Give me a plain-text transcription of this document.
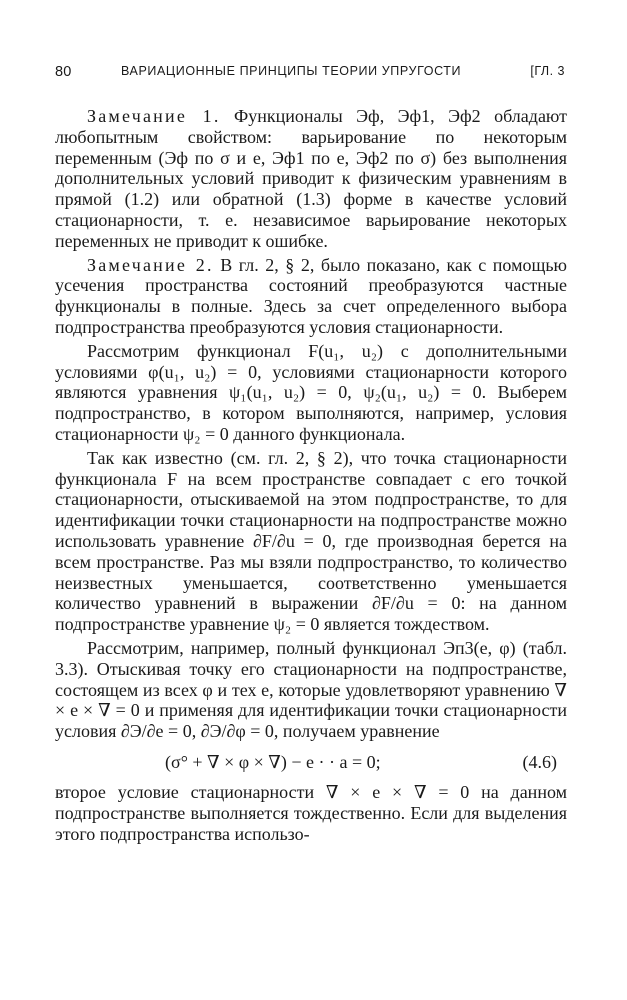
80	ВАРИАЦИОННЫЕ ПРИНЦИПЫ ТЕОРИИ УПРУГОСТИ	[ГЛ. 3

Замечание 1. Функционалы Эф, Эф1, Эф2 обладают любопытным свойством: варьирование по некоторым переменным (Эф по σ и e, Эф1 по e, Эф2 по σ) без выполнения дополнительных условий приводит к физическим уравнениям в прямой (1.2) или обратной (1.3) форме в качестве условий стационарности, т. е. независимое варьирование некоторых переменных не приводит к ошибке.

Замечание 2. В гл. 2, § 2, было показано, как с помощью усечения пространства состояний преобразуются частные функционалы в полные. Здесь за счет определенного выбора подпространства преобразуются условия стационарности.

Рассмотрим функционал F(u₁, u₂) с дополнительными условиями φ(u₁, u₂) = 0, условиями стационарности которого являются уравнения ψ₁(u₁, u₂) = 0, ψ₂(u₁, u₂) = 0. Выберем подпространство, в котором выполняются, например, условия стационарности ψ₂ = 0 данного функционала.

Так как известно (см. гл. 2, § 2), что точка стационарности функционала F на всем пространстве совпадает с его точкой стационарности, отыскиваемой на этом подпространстве, то для идентификации точки стационарности на подпространстве можно использовать уравнение ∂F/∂u = 0, где производная берется на всем пространстве. Раз мы взяли подпространство, то количество неизвестных уменьшается, соответственно уменьшается количество уравнений в выражении ∂F/∂u = 0: на данном подпространстве уравнение ψ₂ = 0 является тождеством.

Рассмотрим, например, полный функционал Эп3(e, φ) (табл. 3.3). Отыскивая точку его стационарности на подпространстве, состоящем из всех φ и тех e, которые удовлетворяют уравнению ∇ × e × ∇ = 0 и применяя для идентификации точки стационарности условия ∂Э/∂e = 0, ∂Э/∂φ = 0, получаем уравнение

(σ° + ∇ × φ × ∇) − e · · a = 0;	(4.6)

второе условие стационарности ∇ × e × ∇ = 0 на данном подпространстве выполняется тождественно. Если для выделения этого подпространства использо-
